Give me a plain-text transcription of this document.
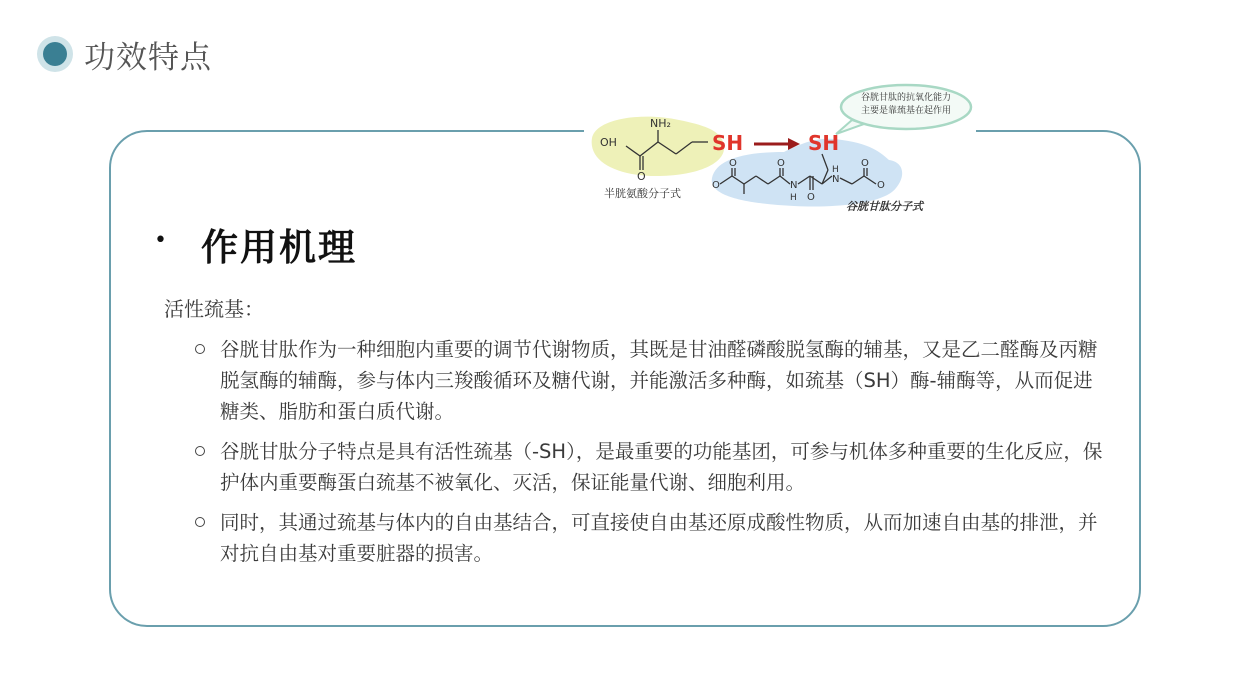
功效特点
谷胱甘肽的抗氧化能力
主要是靠巯基在起作用
OH
O
NH₂
SH	SH
O
O	O
N
H O
H
N
O
O
半胱氨酸分子式
谷胱甘肽分子式
• 作用机理
活性巯基：
谷胱甘肽作为一种细胞内重要的调节代谢物质，其既是甘油醛磷酸脱氢酶的辅基，又是乙二醛酶及丙糖脱氢酶的辅酶，参与体内三羧酸循环及糖代谢，并能激活多种酶，如巯基（SH）酶-辅酶等，从而促进糖类、脂肪和蛋白质代谢。
谷胱甘肽分子特点是具有活性巯基（-SH），是最重要的功能基团，可参与机体多种重要的生化反应，保护体内重要酶蛋白巯基不被氧化、灭活，保证能量代谢、细胞利用。
同时，其通过巯基与体内的自由基结合，可直接使自由基还原成酸性物质，从而加速自由基的排泄，并对抗自由基对重要脏器的损害。
